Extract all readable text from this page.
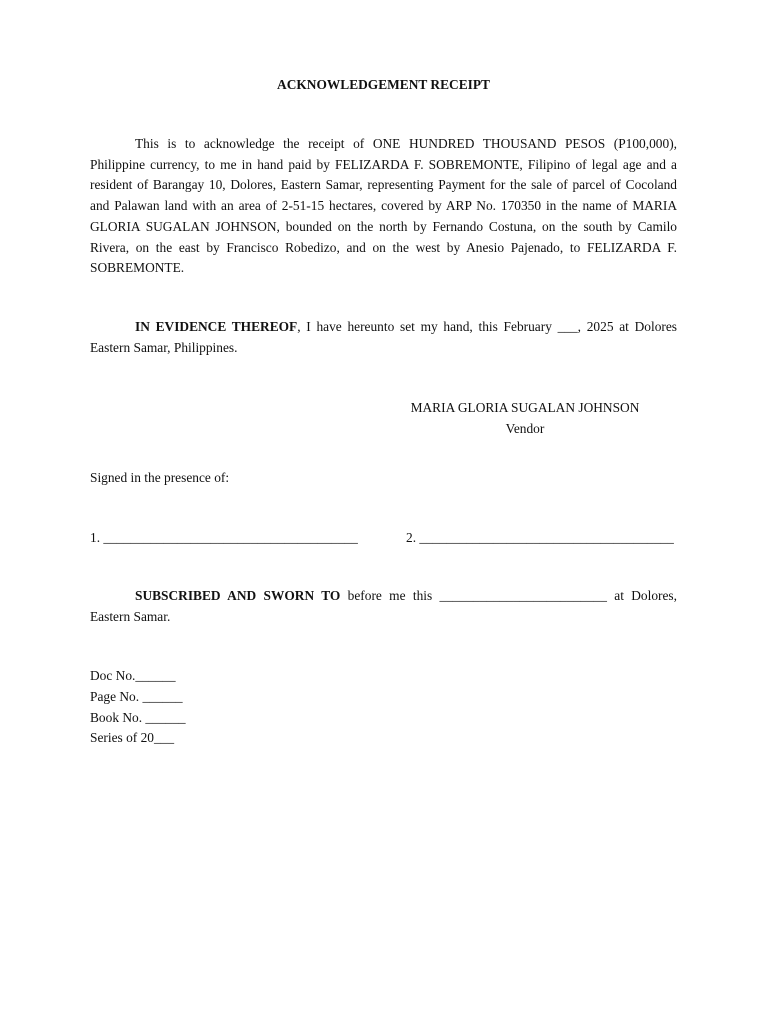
ACKNOWLEDGEMENT RECEIPT

This is to acknowledge the receipt of ONE HUNDRED THOUSAND PESOS (P100,000), Philippine currency, to me in hand paid by FELIZARDA F. SOBREMONTE, Filipino of legal age and a resident of Barangay 10, Dolores, Eastern Samar, representing Payment for the sale of parcel of Cocoland and Palawan land with an area of 2-51-15 hectares, covered by ARP No. 170350 in the name of MARIA GLORIA SUGALAN JOHNSON, bounded on the north by Fernando Costuna, on the south by Camilo Rivera, on the east by Francisco Robedizo, and on the west by Anesio Pajenado, to FELIZARDA F. SOBREMONTE.

IN EVIDENCE THEREOF, I have hereunto set my hand, this February ___, 2025 at Dolores Eastern Samar, Philippines.

MARIA GLORIA SUGALAN JOHNSON
Vendor
Signed in the presence of:
1. ______________________________________	2. ______________________________________

SUBSCRIBED AND SWORN TO before me this _________________________ at Dolores, Eastern Samar.

Doc No.______
Page No. ______
Book No. ______
Series of 20___
